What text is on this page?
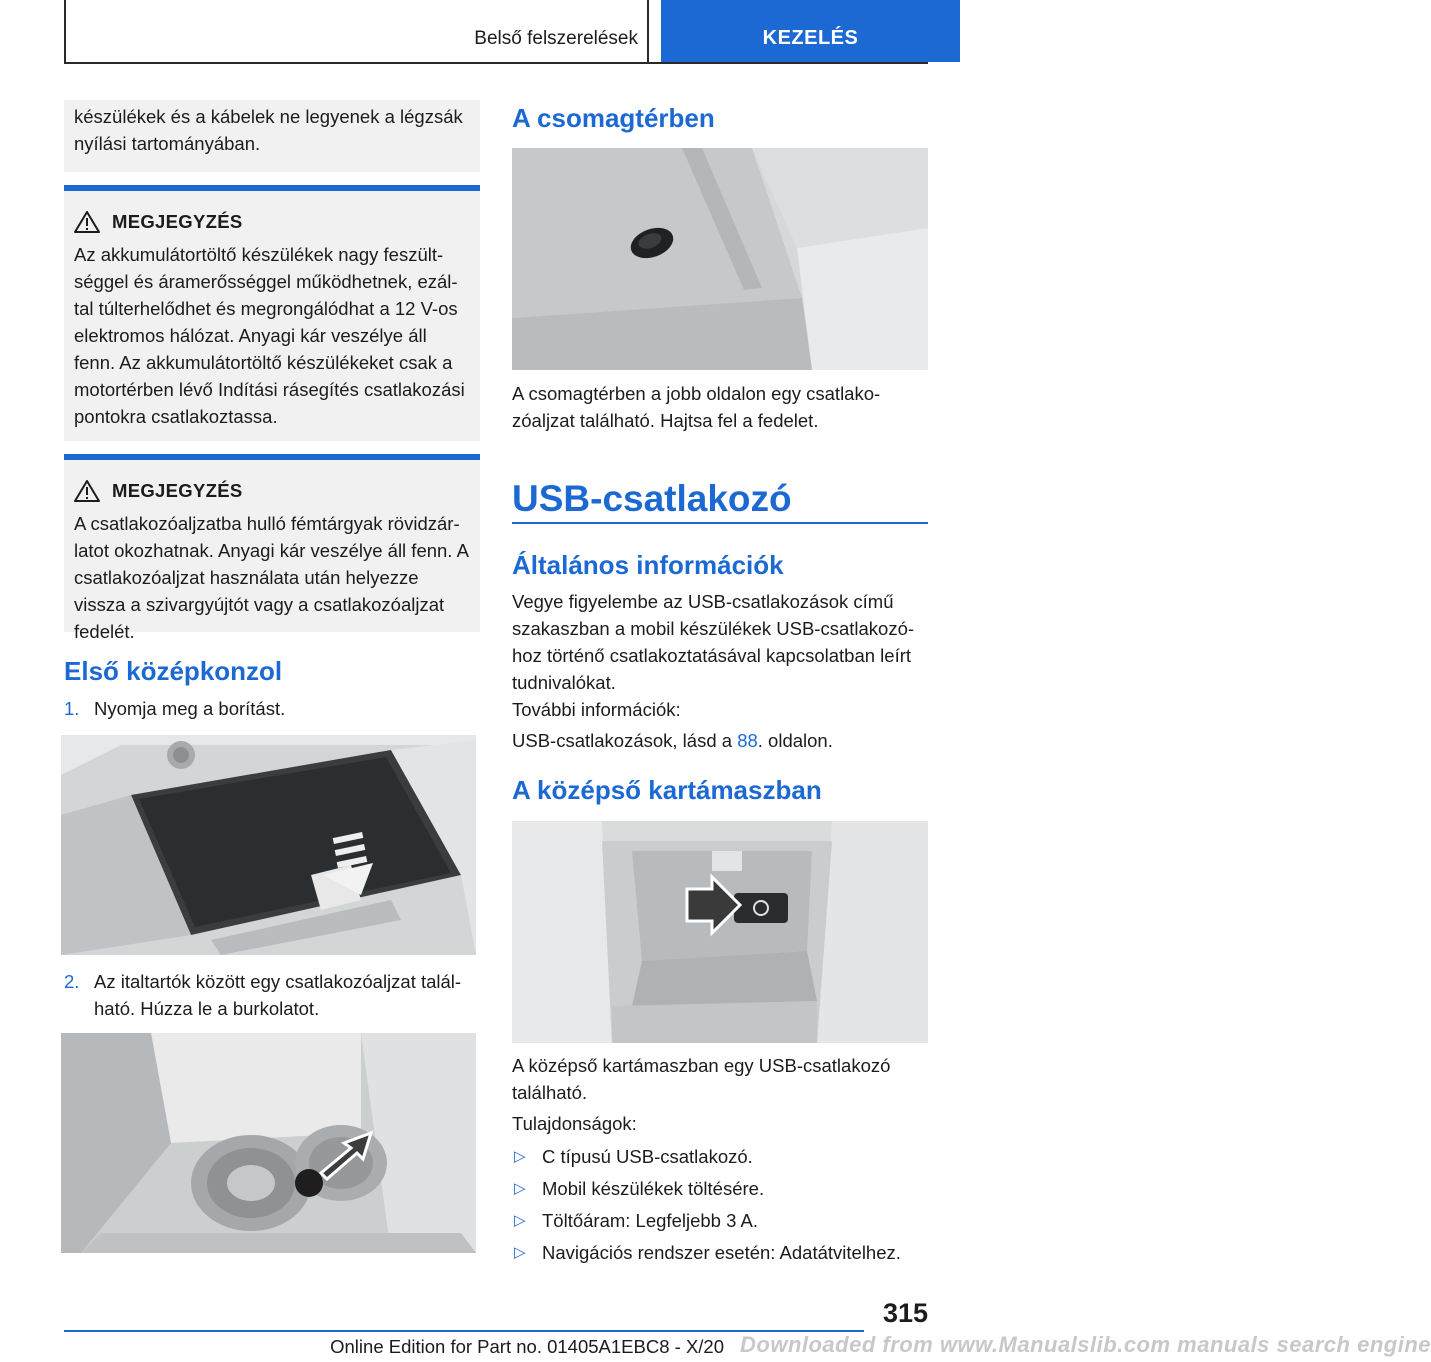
Belső felszerelések	KEZELÉS
készülékek és a kábelek ne legyenek a légzsák nyílási tartományában.
MEGJEGYZÉS
Az akkumulátortöltő készülékek nagy feszült-séggel és áramerősséggel működhetnek, ezál-tal túlterhelődhet és megrongálódhat a 12 V-os elektromos hálózat. Anyagi kár veszélye áll fenn. Az akkumulátortöltő készülékeket csak a motortérben lévő Indítási rásegítés csatlakozási pontokra csatlakoztassa.
MEGJEGYZÉS
A csatlakozóaljzatba hulló fémtárgyak rövidzár-latot okozhatnak. Anyagi kár veszélye áll fenn. A csatlakozóaljzat használata után helyezze vissza a szivargyújtót vagy a csatlakozóaljzat fedelét.
Első középkonzol
1. Nyomja meg a borítást.
2. Az italtartók között egy csatlakozóaljzat talál-ható. Húzza le a burkolatot.
A csomagtérben
A csomagtérben a jobb oldalon egy csatlako-zóaljzat található. Hajtsa fel a fedelet.
USB-csatlakozó
Általános információk
Vegye figyelembe az USB-csatlakozások című szakaszban a mobil készülékek USB-csatlakozó-hoz történő csatlakoztatásával kapcsolatban leírt tudnivalókat.
További információk:
USB-csatlakozások, lásd a 88. oldalon.
A középső kartámaszban
A középső kartámaszban egy USB-csatlakozó található.
Tulajdonságok:
▷ C típusú USB-csatlakozó.
▷ Mobil készülékek töltésére.
▷ Töltőáram: Legfeljebb 3 A.
▷ Navigációs rendszer esetén: Adatátvitelhez.
315
Online Edition for Part no. 01405A1EBC8 - X/20 Downloaded from www.Manualslib.com manuals search engine
